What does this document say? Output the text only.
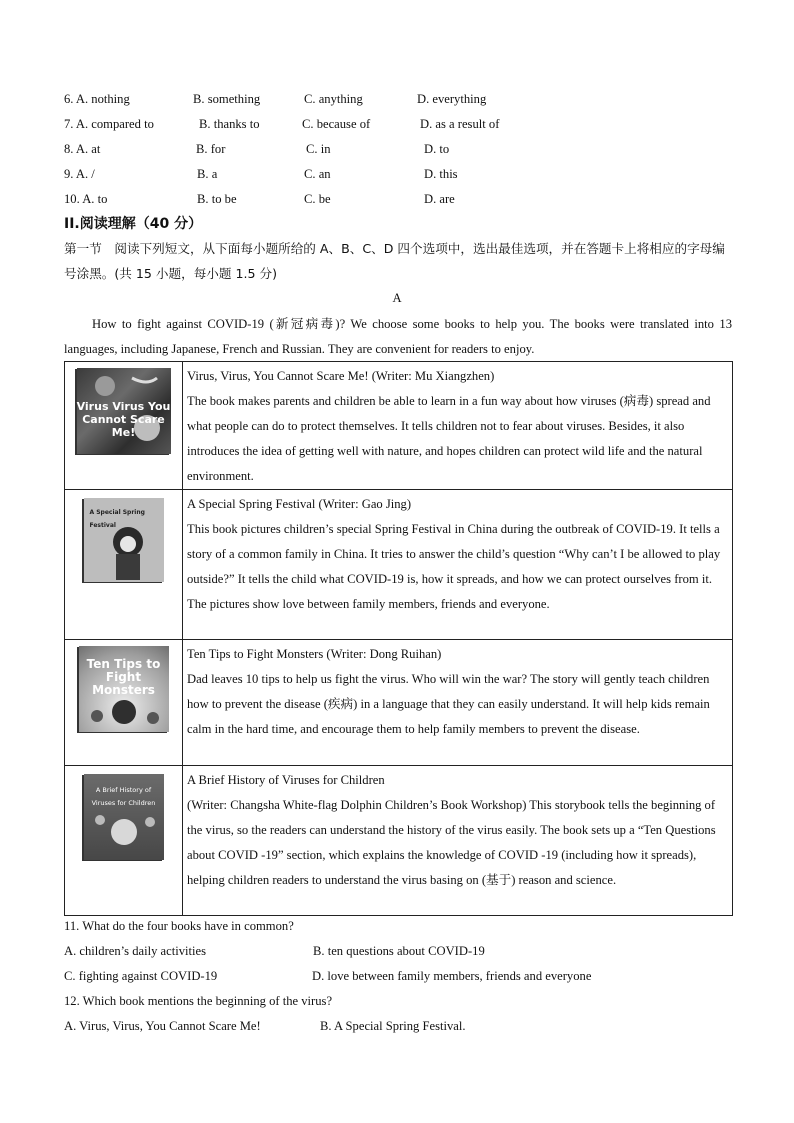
6. A. nothing	B. something	C. anything	D. everything
7. A. compared to	B. thanks to	C. because of	D. as a result of
8. A. at	B. for	C. in	D. to
9. A. /	B. a	C. an	D. this
10. A. to	B. to be	C. be	D. are
II.阅读理解（40 分）
第一节　阅读下列短文，从下面每小题所给的 A、B、C、D 四个选项中，选出最佳选项，并在答题卡上将相应的字母编号涂黑。(共 15 小题，每小题 1.5 分)
A
How to fight against COVID-19 (新冠病毒)? We choose some books to help you. The books were translated into 13 languages, including Japanese, French and Russian. They are convenient for readers to enjoy.
Virus Virus You Cannot Scare Me!	Virus, Virus, You Cannot Scare Me! (Writer: Mu Xiangzhen)
The book makes parents and children be able to learn in a fun way about how viruses (病毒) spread and what people can do to protect themselves. It tells children not to fear about viruses. Besides, it also introduces the idea of getting well with nature, and hopes children can protect wild life and the natural environment.

A Special Spring Festival	A Special Spring Festival (Writer: Gao Jing)
This book pictures children’s special Spring Festival in China during the outbreak of COVID-19. It tells a story of a common family in China. It tries to answer the child’s question “Why can’t I be allowed to play outside?” It tells the child what COVID-19 is, how it spreads, and how we can protect ourselves from it. The pictures show love between family members, friends and everyone.

Ten Tips to Fight Monsters	Ten Tips to Fight Monsters (Writer: Dong Ruihan)
Dad leaves 10 tips to help us fight the virus. Who will win the war? The story will gently teach children how to prevent the disease (疾病) in a language that they can easily understand. It will help kids remain calm in the hard time, and encourage them to help family members to prevent the disease.

A Brief History of Viruses for Children	A Brief History of Viruses for Children
(Writer: Changsha White-flag Dolphin Children’s Book Workshop) This storybook tells the beginning of the virus, so the readers can understand the history of the virus easily. The book sets up a “Ten Questions about COVID -19” section, which explains the knowledge of COVID -19 (including how it spreads), helping children readers to understand the virus basing on (基于) reason and science.
11. What do the four books have in common?
A. children’s daily activities	B. ten questions about COVID-19
C. fighting against COVID-19	D. love between family members, friends and everyone
12. Which book mentions the beginning of the virus?
A. Virus, Virus, You Cannot Scare Me!	B. A Special Spring Festival.
